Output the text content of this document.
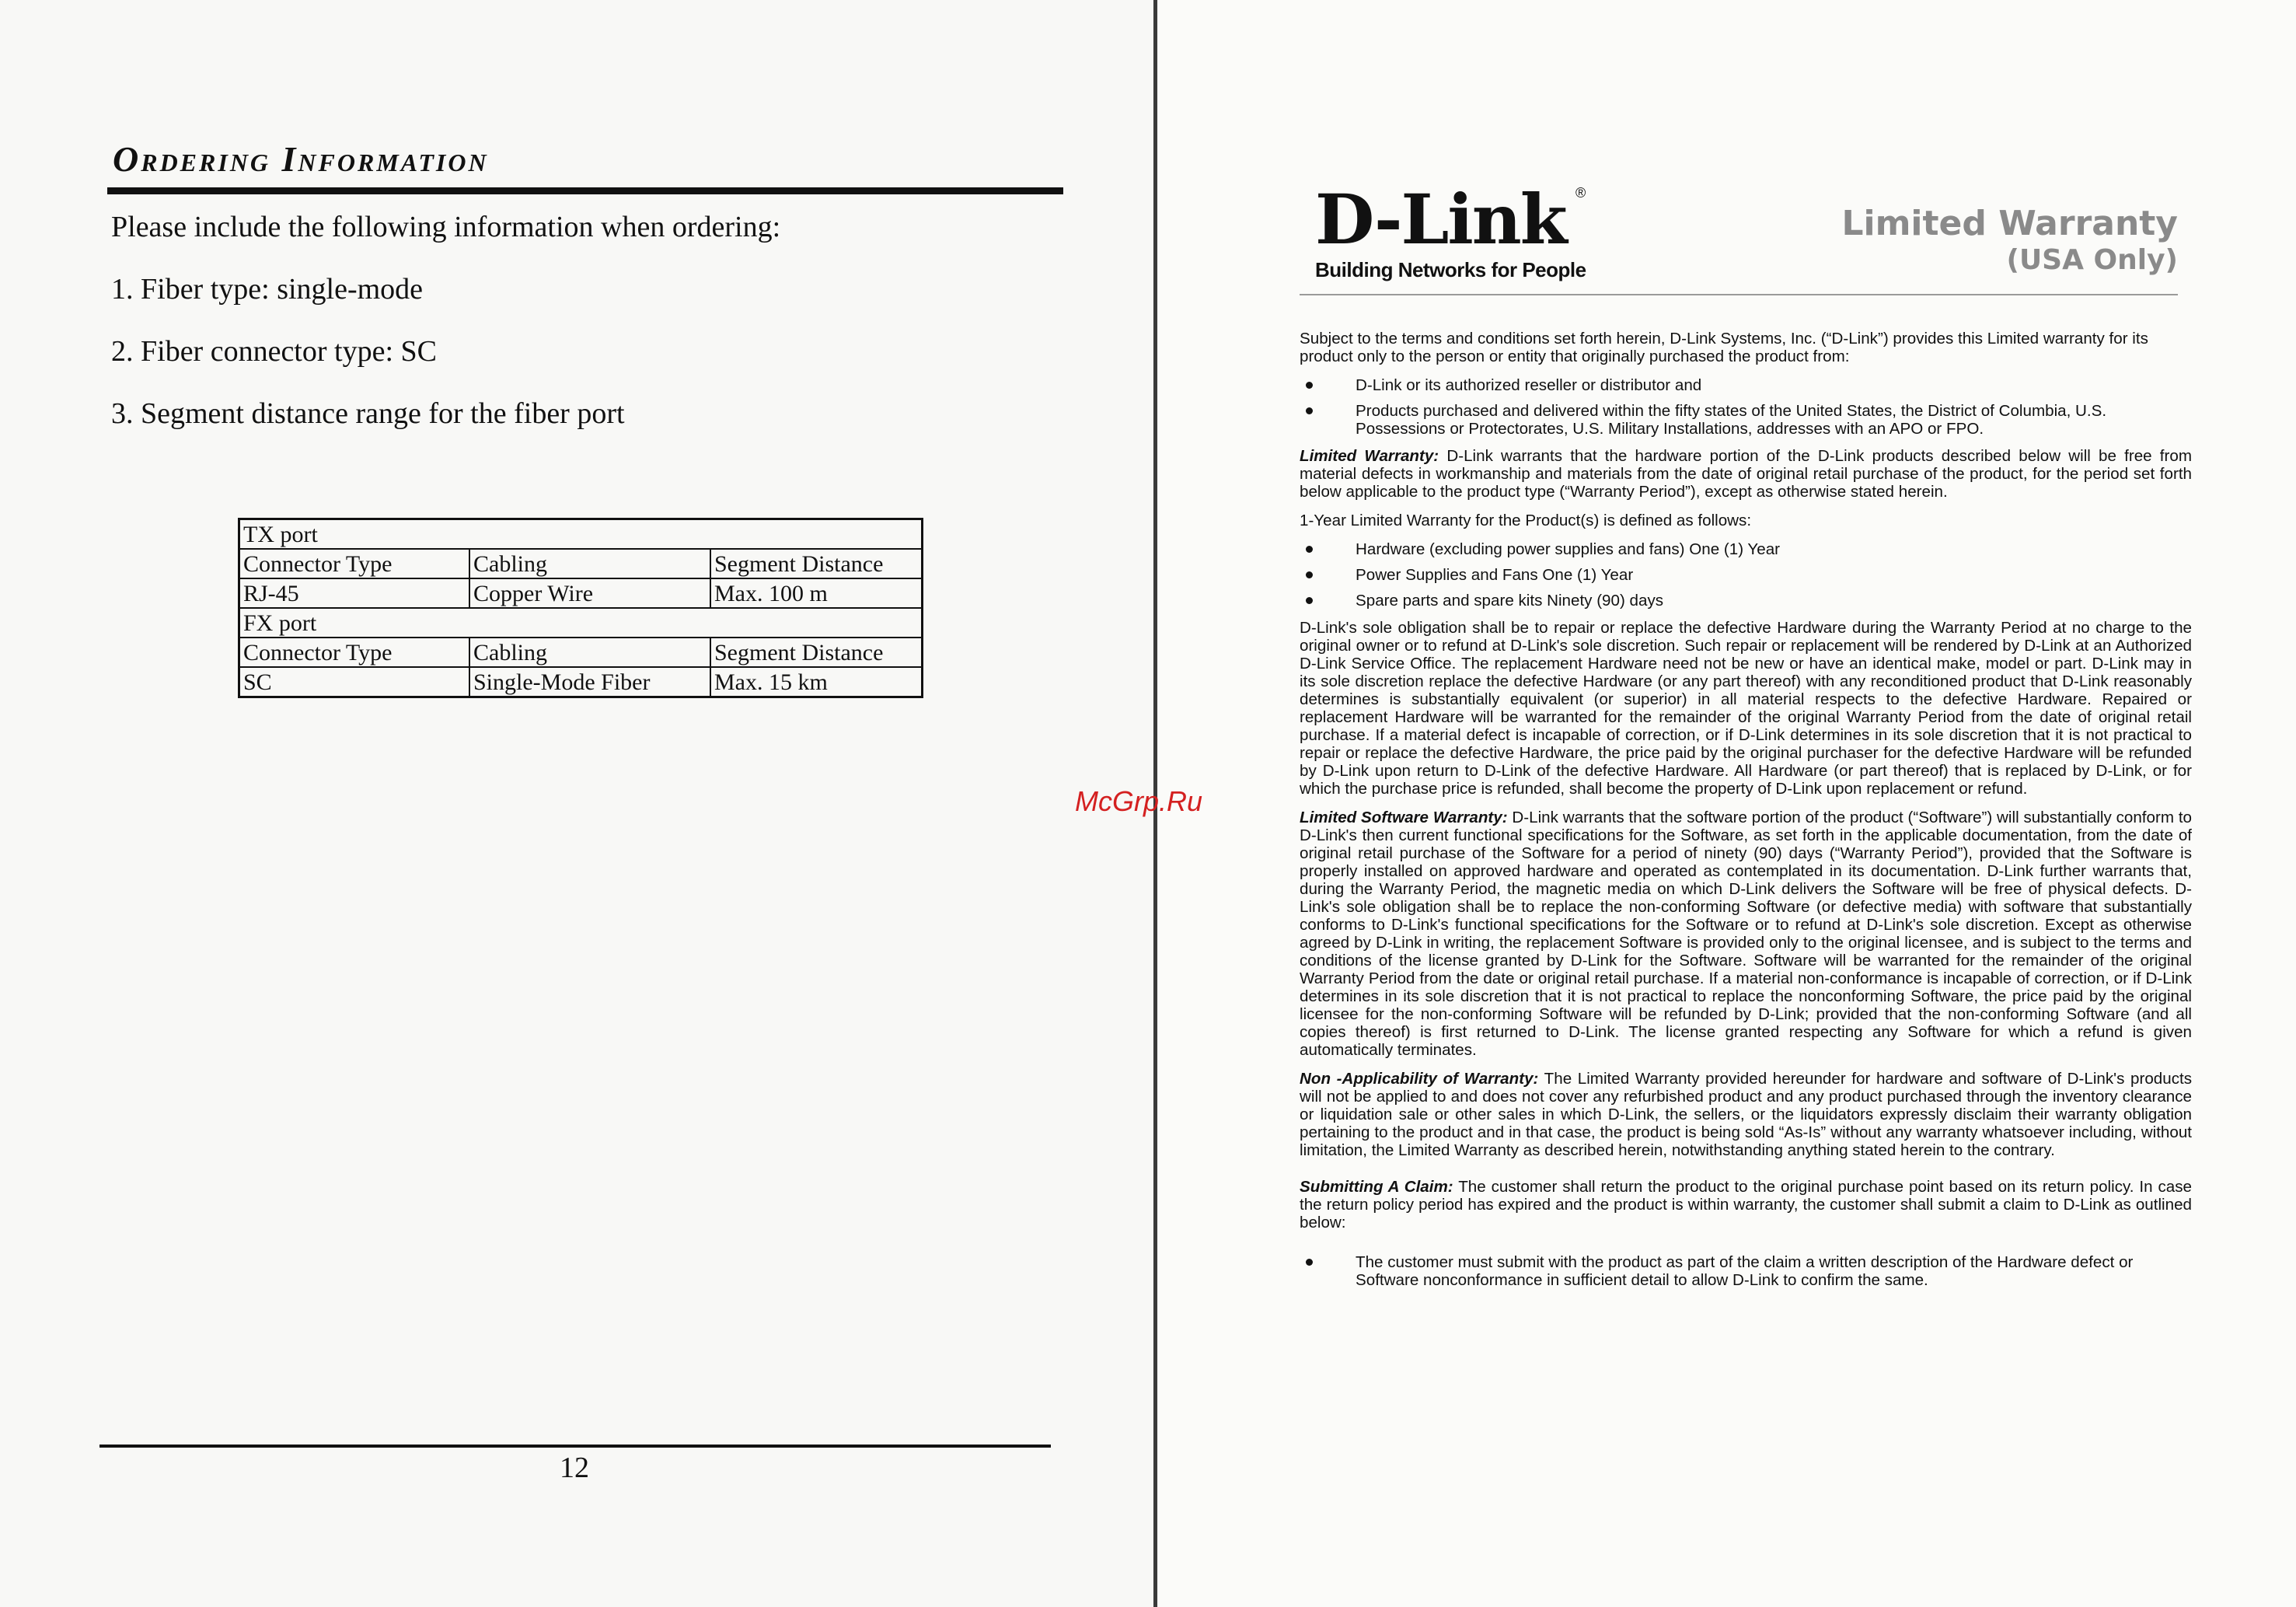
Ordering Information
Please include the following information when ordering:
1. Fiber type: single-mode
2. Fiber connector type: SC
3. Segment distance range for the fiber port
TX port		
Connector Type	Cabling	Segment Distance
RJ-45	Copper Wire	Max. 100 m
FX port		
Connector Type	Cabling	Segment Distance
SC	Single-Mode Fiber	Max. 15 km
12
D-Link ®
Building Networks for People
Limited Warranty
(USA Only)

Subject to the terms and conditions set forth herein, D-Link Systems, Inc. (“D-Link”) provides this Limited warranty for its product only to the person or entity that originally purchased the product from:

D-Link or its authorized reseller or distributor and
Products purchased and delivered within the fifty states of the United States, the District of Columbia, U.S. Possessions or Protectorates, U.S. Military Installations, addresses with an APO or FPO.

Limited Warranty: D-Link warrants that the hardware portion of the D-Link products described below will be free from material defects in workmanship and materials from the date of original retail purchase of the product, for the period set forth below applicable to the product type (“Warranty Period”), except as otherwise stated herein.

1-Year Limited Warranty for the Product(s) is defined as follows:

Hardware (excluding power supplies and fans) One (1) Year
Power Supplies and Fans One (1) Year
Spare parts and spare kits Ninety (90) days

D-Link's sole obligation shall be to repair or replace the defective Hardware during the Warranty Period at no charge to the original owner or to refund at D-Link's sole discretion. Such repair or replacement will be rendered by D-Link at an Authorized D-Link Service Office. The replacement Hardware need not be new or have an identical make, model or part. D-Link may in its sole discretion replace the defective Hardware (or any part thereof) with any reconditioned product that D-Link reasonably determines is substantially equivalent (or superior) in all material respects to the defective Hardware. Repaired or replacement Hardware will be warranted for the remainder of the original Warranty Period from the date of original retail purchase. If a material defect is incapable of correction, or if D-Link determines in its sole discretion that it is not practical to repair or replace the defective Hardware, the price paid by the original purchaser for the defective Hardware will be refunded by D-Link upon return to D-Link of the defective Hardware. All Hardware (or part thereof) that is replaced by D-Link, or for which the purchase price is refunded, shall become the property of D-Link upon replacement or refund.

Limited Software Warranty: D-Link warrants that the software portion of the product (“Software”) will substantially conform to D-Link's then current functional specifications for the Software, as set forth in the applicable documentation, from the date of original retail purchase of the Software for a period of ninety (90) days (“Warranty Period”), provided that the Software is properly installed on approved hardware and operated as contemplated in its documentation. D-Link further warrants that, during the Warranty Period, the magnetic media on which D-Link delivers the Software will be free of physical defects. D-Link's sole obligation shall be to replace the non-conforming Software (or defective media) with software that substantially conforms to D-Link's functional specifications for the Software or to refund at D-Link's sole discretion. Except as otherwise agreed by D-Link in writing, the replacement Software is provided only to the original licensee, and is subject to the terms and conditions of the license granted by D-Link for the Software. Software will be warranted for the remainder of the original Warranty Period from the date or original retail purchase. If a material non-conformance is incapable of correction, or if D-Link determines in its sole discretion that it is not practical to replace the nonconforming Software, the price paid by the original licensee for the non-conforming Software will be refunded by D-Link; provided that the non-conforming Software (and all copies thereof) is first returned to D-Link. The license granted respecting any Software for which a refund is given automatically terminates.

Non -Applicability of Warranty: The Limited Warranty provided hereunder for hardware and software of D-Link's products will not be applied to and does not cover any refurbished product and any product purchased through the inventory clearance or liquidation sale or other sales in which D-Link, the sellers, or the liquidators expressly disclaim their warranty obligation pertaining to the product and in that case, the product is being sold “As-Is” without any warranty whatsoever including, without limitation, the Limited Warranty as described herein, notwithstanding anything stated herein to the contrary.

Submitting A Claim: The customer shall return the product to the original purchase point based on its return policy. In case the return policy period has expired and the product is within warranty, the customer shall submit a claim to D-Link as outlined below:

The customer must submit with the product as part of the claim a written description of the Hardware defect or Software nonconformance in sufficient detail to allow D-Link to confirm the same.
McGrp.Ru
